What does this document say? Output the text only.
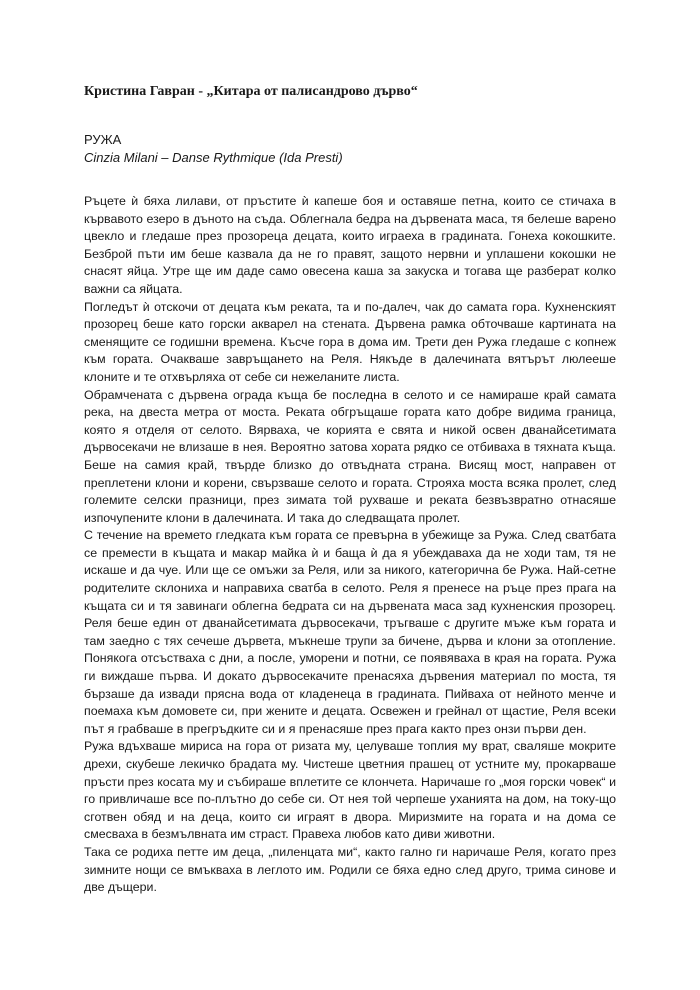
Кристина Гавран - „Китара от палисандрово дърво“

РУЖА

Cinzia Milani – Danse Rythmique (Ida Presti)

Ръцете ѝ бяха лилави, от пръстите ѝ капеше боя и оставяше петна, които се стичаха в кървавото езеро в дъното на съда. Облегнала бедра на дървената маса, тя белеше варено цвекло и гледаше през прозореца децата, които играеха в градината. Гонеха кокошките. Безброй пъти им беше казвала да не го правят, защото нервни и уплашени кокошки не снасят яйца. Утре ще им даде само овесена каша за закуска и тогава ще разберат колко важни са яйцата.

Погледът ѝ отскочи от децата към реката, та и по-далеч, чак до самата гора. Кухненският прозорец беше като горски акварел на стената. Дървена рамка обточваше картината на сменящите се годишни времена. Късче гора в дома им. Трети ден Ружа гледаше с копнеж към гората. Очакваше завръщането на Реля. Някъде в далечината вятърът люлееше клоните и те отхвърляха от себе си нежеланите листа.

Обрамчената с дървена ограда къща бе последна в селото и се намираше край самата река, на двеста метра от моста. Реката обгръщаше гората като добре видима граница, която я отделя от селото. Вярваха, че корията е свята и никой освен дванайсетимата дървосекачи не влизаше в нея. Вероятно затова хората рядко се отбиваха в тяхната къща. Беше на самия край, твърде близко до отвъдната страна. Висящ мост, направен от преплетени клони и корени, свързваше селото и гората. Строяха моста всяка пролет, след големите селски празници, през зимата той рухваше и реката безвъзвратно отнасяше изпочупените клони в далечината. И така до следващата пролет.

С течение на времето гледката към гората се превърна в убежище за Ружа. След сватбата се премести в къщата и макар майка ѝ и баща ѝ да я убеждаваха да не ходи там, тя не искаше и да чуе. Или ще се омъжи за Реля, или за никого, категорична бе Ружа. Най-сетне родителите склониха и направиха сватба в селото. Реля я пренесе на ръце през прага на къщата си и тя завинаги облегна бедрата си на дървената маса зад кухненския прозорец. Реля беше един от дванайсетимата дървосекачи, тръгваше с другите мъже към гората и там заедно с тях сечеше дървета, мъкнеше трупи за бичене, дърва и клони за отопление. Понякога отсъстваха с дни, а после, уморени и потни, се появяваха в края на гората. Ружа ги виждаше първа. И докато дървосекачите пренасяха дървения материал по моста, тя бързаше да извади прясна вода от кладенеца в градината. Пийваха от нейното менче и поемаха към домовете си, при жените и децата. Освежен и грейнал от щастие, Реля всеки път я грабваше в прегръдките си и я пренасяше през прага както през онзи първи ден.

Ружа вдъхваше мириса на гора от ризата му, целуваше топлия му врат, сваляше мокрите дрехи, скубеше лекичко брадата му. Чистеше цветния прашец от устните му, прокарваше пръсти през косата му и събираше вплетите се клончета. Наричаше го „моя горски човек“ и го привличаше все по-плътно до себе си. От нея той черпеше уханията на дом, на току-що сготвен обяд и на деца, които си играят в двора. Миризмите на гората и на дома се смесваха в безмълвната им страст. Правеха любов като диви животни.

Така се родиха петте им деца, „пиленцата ми“, както гално ги наричаше Реля, когато през зимните нощи се вмъкваха в леглото им. Родили се бяха едно след друго, трима синове и две дъщери.
